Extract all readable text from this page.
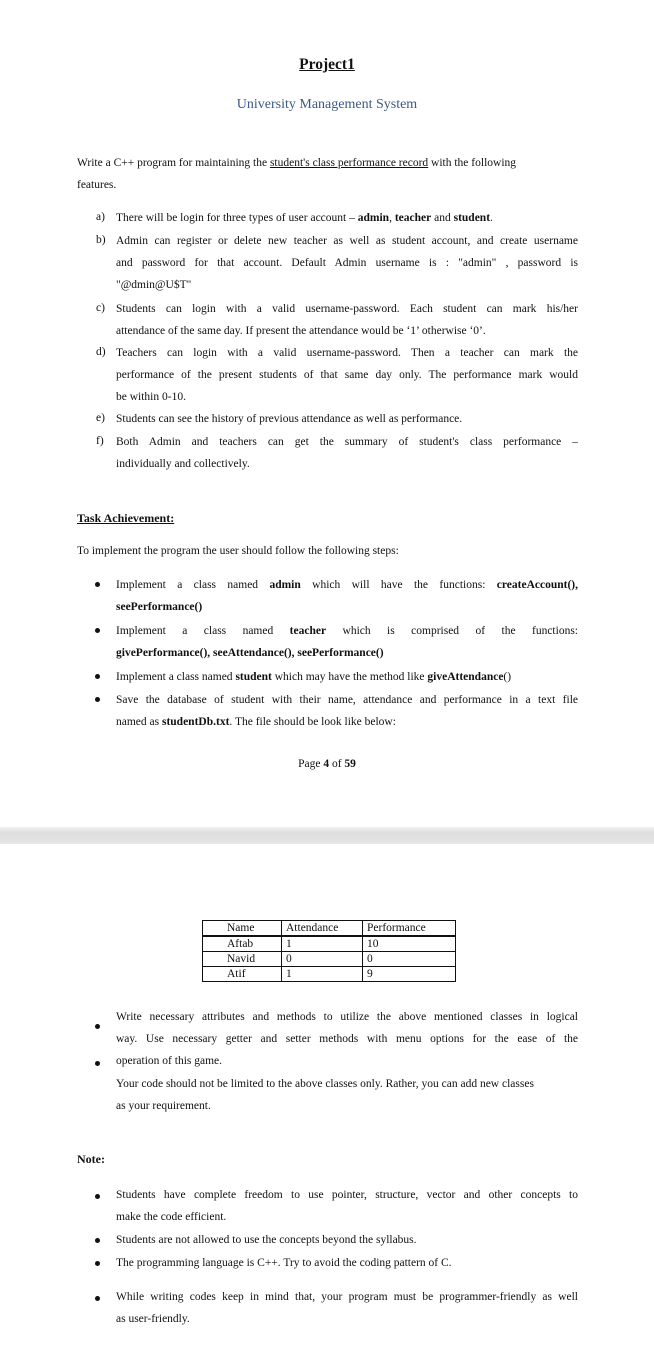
Project1
University Management System
Write a C++ program for maintaining the student's class performance record with the following
features.
a) There will be login for three types of user account – admin, teacher and student.
b) Admin can register or delete new teacher as well as student account, and create username
and password for that account. Default Admin username is : "admin" , password is
"@dmin@U$T"
c) Students can login with a valid username-password. Each student can mark his/her
attendance of the same day. If present the attendance would be ‘1’ otherwise ‘0’.
d) Teachers can login with a valid username-password. Then a teacher can mark the
performance of the present students of that same day only. The performance mark would
be within 0-10.
e) Students can see the history of previous attendance as well as performance.
f) Both Admin and teachers can get the summary of student's class performance –
individually and collectively.
Task Achievement:
To implement the program the user should follow the following steps:
Implement a class named admin which will have the functions: createAccount(),
seePerformance()
Implement a class named teacher which is comprised of the functions:
givePerformance(), seeAttendance(), seePerformance()
Implement a class named student which may have the method like giveAttendance()
Save the database of student with their name, attendance and performance in a text file
named as studentDb.txt. The file should be look like below:
Page 4 of 59
Name	Attendance	Performance
Aftab	1	10
Navid	0	0
Atif	1	9
Write necessary attributes and methods to utilize the above mentioned classes in logical
way. Use necessary getter and setter methods with menu options for the ease of the
operation of this game.
Your code should not be limited to the above classes only. Rather, you can add new classes
as your requirement.
Note:
Students have complete freedom to use pointer, structure, vector and other concepts to
make the code efficient.
Students are not allowed to use the concepts beyond the syllabus.
The programming language is C++. Try to avoid the coding pattern of C.
While writing codes keep in mind that, your program must be programmer-friendly as well
as user-friendly.
